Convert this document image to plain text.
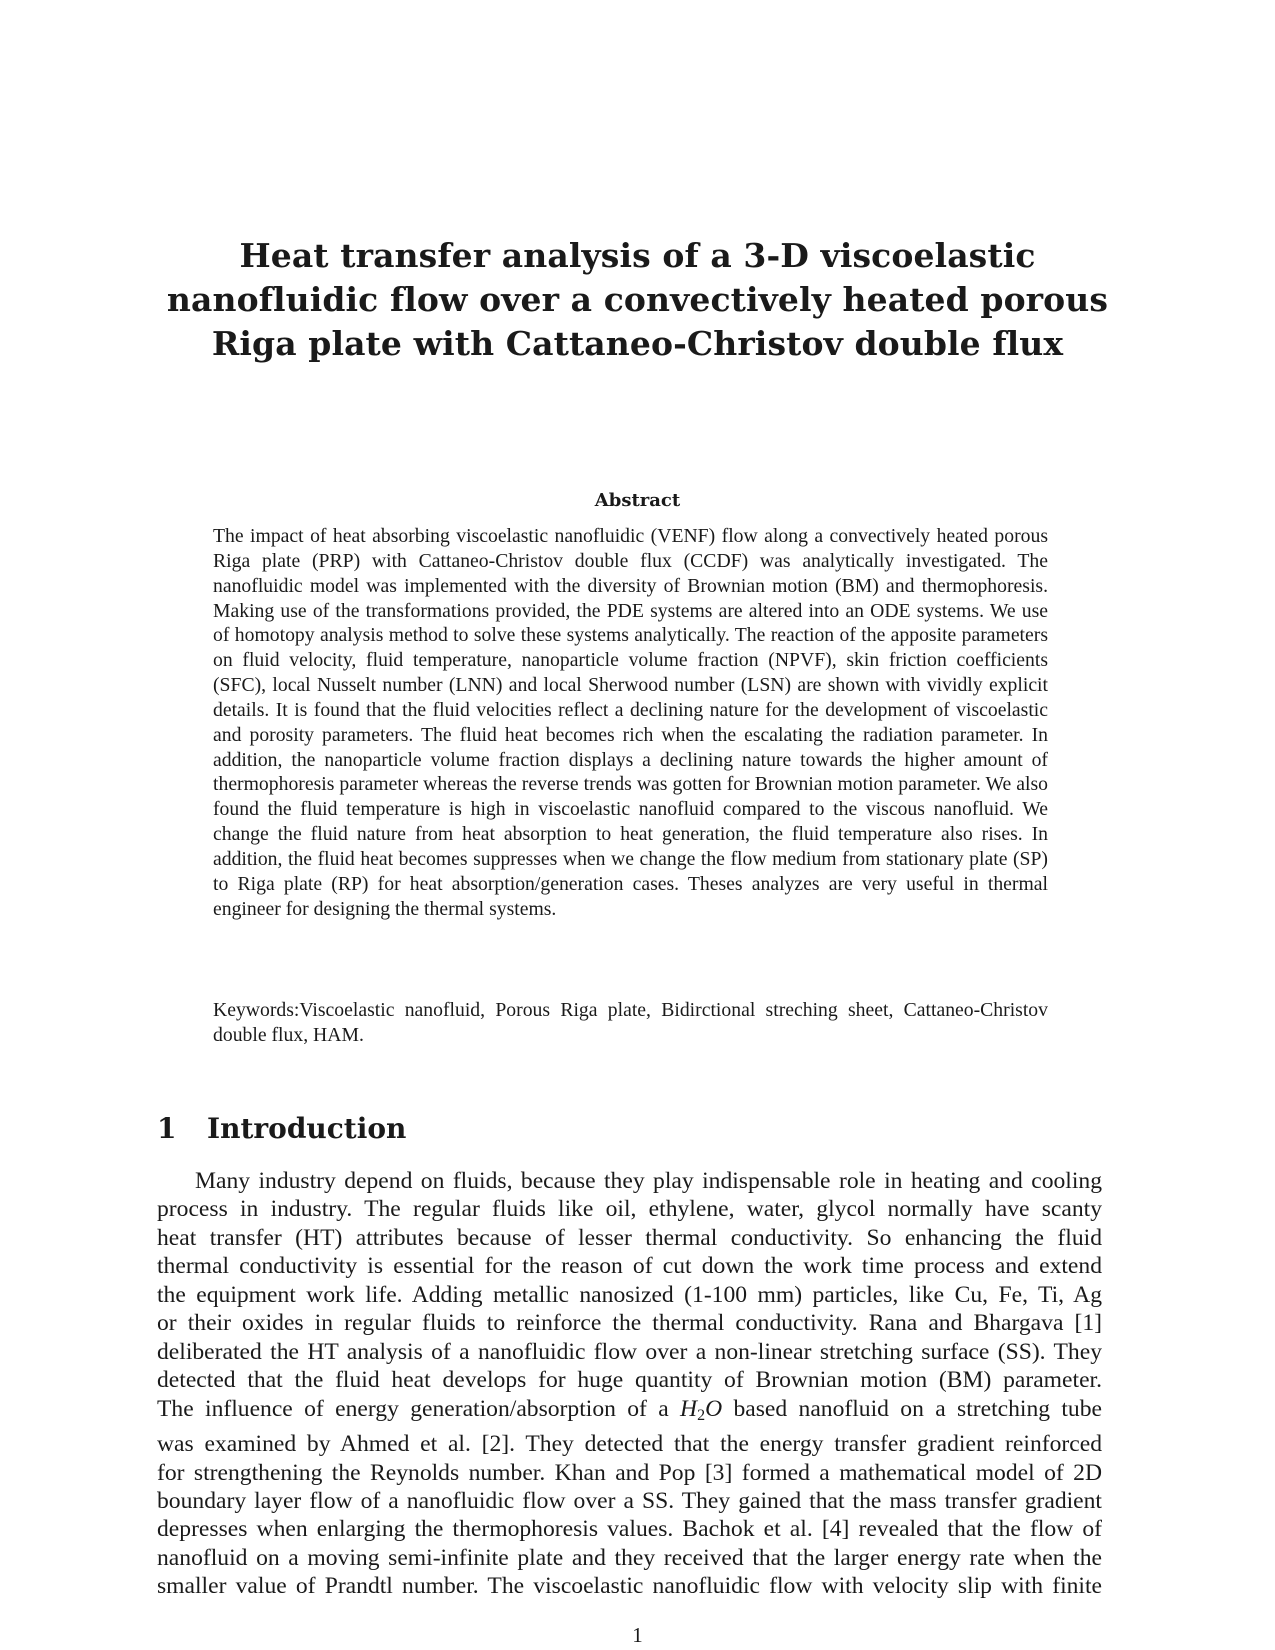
Heat transfer analysis of a 3-D viscoelastic
nanofluidic flow over a convectively heated porous
Riga plate with Cattaneo-Christov double flux
Abstract
The impact of heat absorbing viscoelastic nanofluidic (VENF) flow along a convectively heated porous Riga plate (PRP) with Cattaneo-Christov double flux (CCDF) was analytically investigated. The nanofluidic model was implemented with the diversity of Brownian motion (BM) and thermophoresis. Making use of the transformations provided, the PDE systems are altered into an ODE systems. We use of homotopy analysis method to solve these systems analytically. The reaction of the apposite parameters on fluid velocity, fluid temperature, nanoparticle volume fraction (NPVF), skin friction coefficients (SFC), local Nusselt number (LNN) and local Sherwood number (LSN) are shown with vividly explicit details. It is found that the fluid velocities reflect a declining nature for the development of viscoelastic and porosity parameters. The fluid heat becomes rich when the escalating the radiation parameter. In addition, the nanoparticle volume fraction displays a declining nature towards the higher amount of thermophoresis parameter whereas the reverse trends was gotten for Brownian motion parameter. We also found the fluid temperature is high in viscoelastic nanofluid compared to the viscous nanofluid. We change the fluid nature from heat absorption to heat generation, the fluid temperature also rises. In addition, the fluid heat becomes suppresses when we change the flow medium from stationary plate (SP) to Riga plate (RP) for heat absorption/generation cases. Theses analyzes are very useful in thermal engineer for designing the thermal systems.
Keywords:Viscoelastic nanofluid, Porous Riga plate, Bidirctional streching sheet, Cattaneo-Christov double flux, HAM.
1 Introduction
Many industry depend on fluids, because they play indispensable role in heating and cooling
process in industry. The regular fluids like oil, ethylene, water, glycol normally have scanty
heat transfer (HT) attributes because of lesser thermal conductivity. So enhancing the fluid
thermal conductivity is essential for the reason of cut down the work time process and extend
the equipment work life. Adding metallic nanosized (1-100 mm) particles, like Cu, Fe, Ti, Ag
or their oxides in regular fluids to reinforce the thermal conductivity. Rana and Bhargava [1]
deliberated the HT analysis of a nanofluidic flow over a non-linear stretching surface (SS). They
detected that the fluid heat develops for huge quantity of Brownian motion (BM) parameter.
The influence of energy generation/absorption of a $H_2O$ based nanofluid on a stretching tube
was examined by Ahmed et al. [2]. They detected that the energy transfer gradient reinforced
for strengthening the Reynolds number. Khan and Pop [3] formed a mathematical model of 2D
boundary layer flow of a nanofluidic flow over a SS. They gained that the mass transfer gradient
depresses when enlarging the thermophoresis values. Bachok et al. [4] revealed that the flow of
nanofluid on a moving semi-infinite plate and they received that the larger energy rate when the
smaller value of Prandtl number. The viscoelastic nanofluidic flow with velocity slip with finite
1
